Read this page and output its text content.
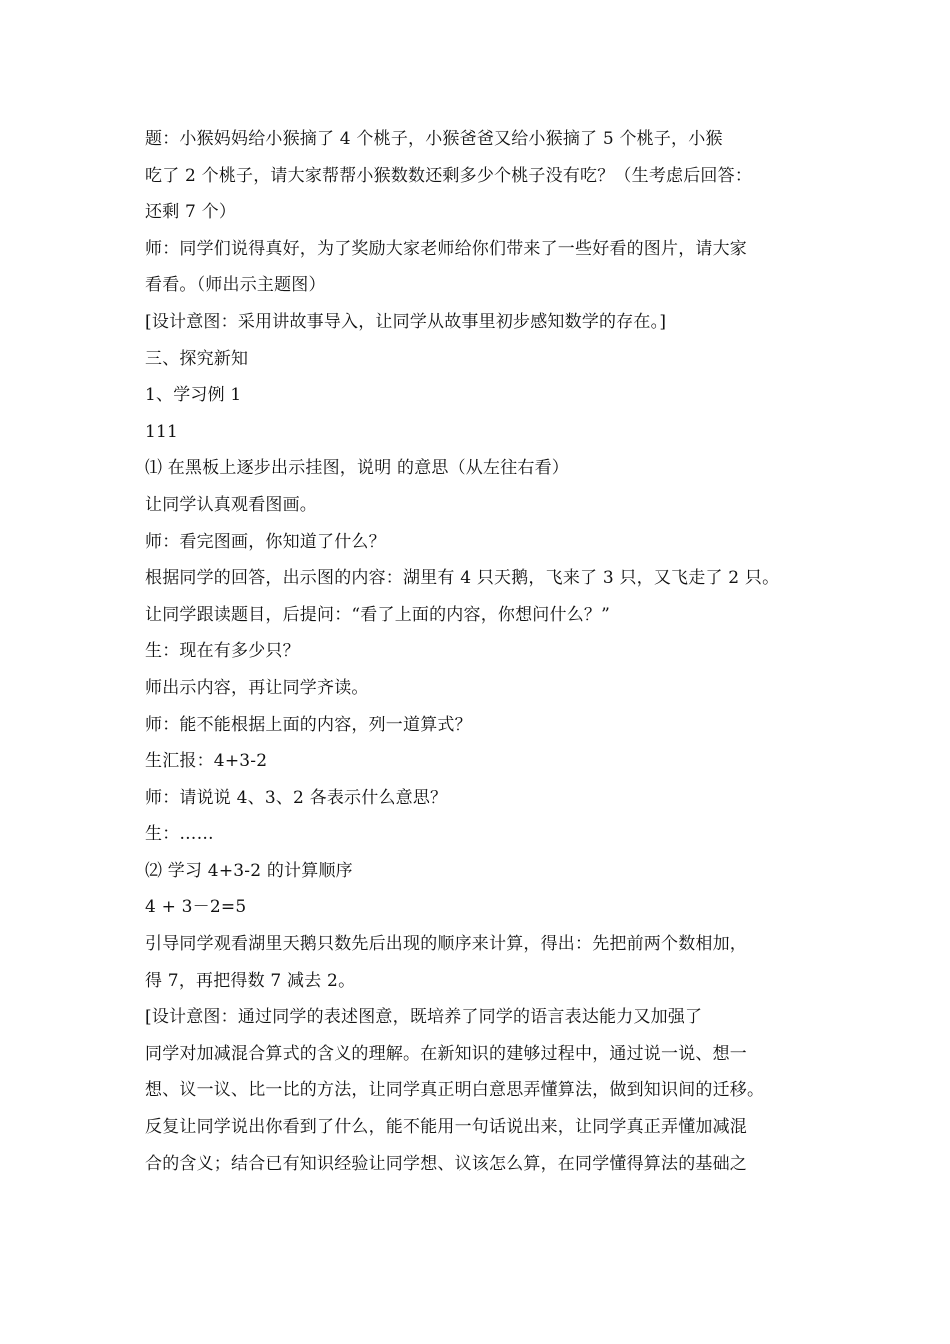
题：小猴妈妈给小猴摘了 4 个桃子，小猴爸爸又给小猴摘了 5 个桃子，小猴
吃了 2 个桃子，请大家帮帮小猴数数还剩多少个桃子没有吃？（生考虑后回答：
还剩 7 个）
师：同学们说得真好，为了奖励大家老师给你们带来了一些好看的图片，请大家
看看。（师出示主题图）
[设计意图：采用讲故事导入，让同学从故事里初步感知数学的存在。]
三、探究新知
1、学习例 1
111
⑴ 在黑板上逐步出示挂图，说明 的意思（从左往右看）
让同学认真观看图画。
师：看完图画，你知道了什么？
根据同学的回答，出示图的内容：湖里有 4 只天鹅，飞来了 3 只，又飞走了 2 只。
让同学跟读题目，后提问：“看了上面的内容，你想问什么？”
生：现在有多少只？
师出示内容，再让同学齐读。
师：能不能根据上面的内容，列一道算式？
生汇报：4+3-2
师：请说说 4、3、2 各表示什么意思？
生：……
⑵ 学习 4+3-2 的计算顺序
4 + 3－2=5
引导同学观看湖里天鹅只数先后出现的顺序来计算，得出：先把前两个数相加，
得 7，再把得数 7 减去 2。
[设计意图：通过同学的表述图意，既培养了同学的语言表达能力又加强了
同学对加减混合算式的含义的理解。在新知识的建够过程中，通过说一说、想一
想、议一议、比一比的方法，让同学真正明白意思弄懂算法，做到知识间的迁移。
反复让同学说出你看到了什么，能不能用一句话说出来，让同学真正弄懂加减混
合的含义；结合已有知识经验让同学想、议该怎么算，在同学懂得算法的基础之
